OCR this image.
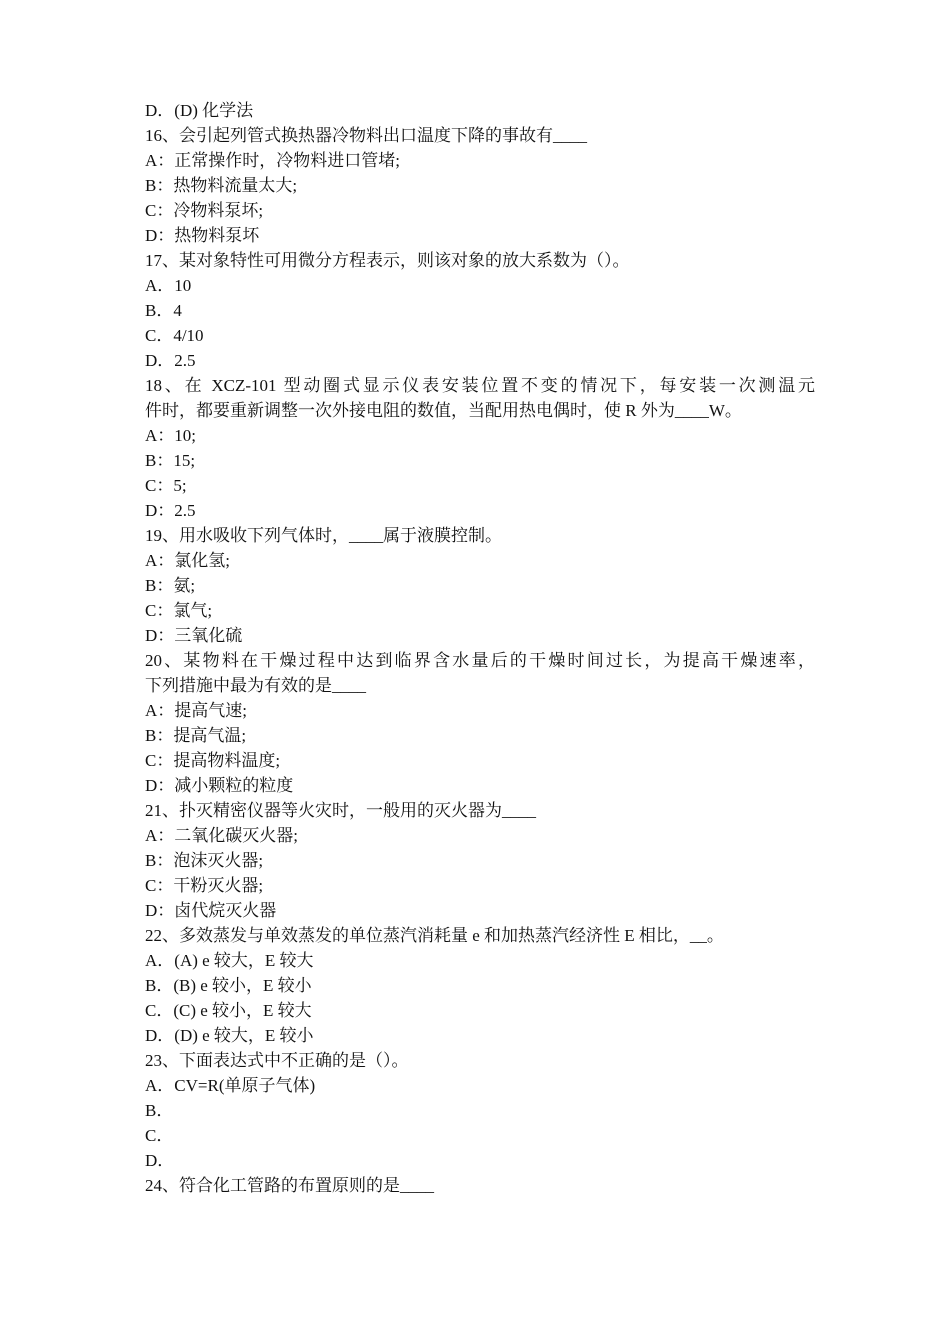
D．(D) 化学法
16、会引起列管式换热器冷物料出口温度下降的事故有____
A：正常操作时，冷物料进口管堵;
B：热物料流量太大;
C：冷物料泵坏;
D：热物料泵坏
17、某对象特性可用微分方程表示，则该对象的放大系数为（）。
A．10
B．4
C．4/10
D．2.5
18、在 XCZ-101 型动圈式显示仪表安装位置不变的情况下，每安装一次测温元
件时，都要重新调整一次外接电阻的数值，当配用热电偶时，使 R 外为____W。
A：10;
B：15;
C：5;
D：2.5
19、用水吸收下列气体时，____属于液膜控制。
A：氯化氢;
B：氨;
C：氯气;
D：三氧化硫
20、某物料在干燥过程中达到临界含水量后的干燥时间过长，为提高干燥速率，
下列措施中最为有效的是____
A：提高气速;
B：提高气温;
C：提高物料温度;
D：减小颗粒的粒度
21、扑灭精密仪器等火灾时，一般用的灭火器为____
A：二氧化碳灭火器;
B：泡沫灭火器;
C：干粉灭火器;
D：卤代烷灭火器
22、多效蒸发与单效蒸发的单位蒸汽消耗量 e 和加热蒸汽经济性 E 相比，__。
A．(A) e 较大，E 较大
B．(B) e 较小，E 较小
C．(C) e 较小，E 较大
D．(D) e 较大，E 较小
23、下面表达式中不正确的是（）。
A．CV=R(单原子气体)
B．
C．
D．
24、符合化工管路的布置原则的是____
